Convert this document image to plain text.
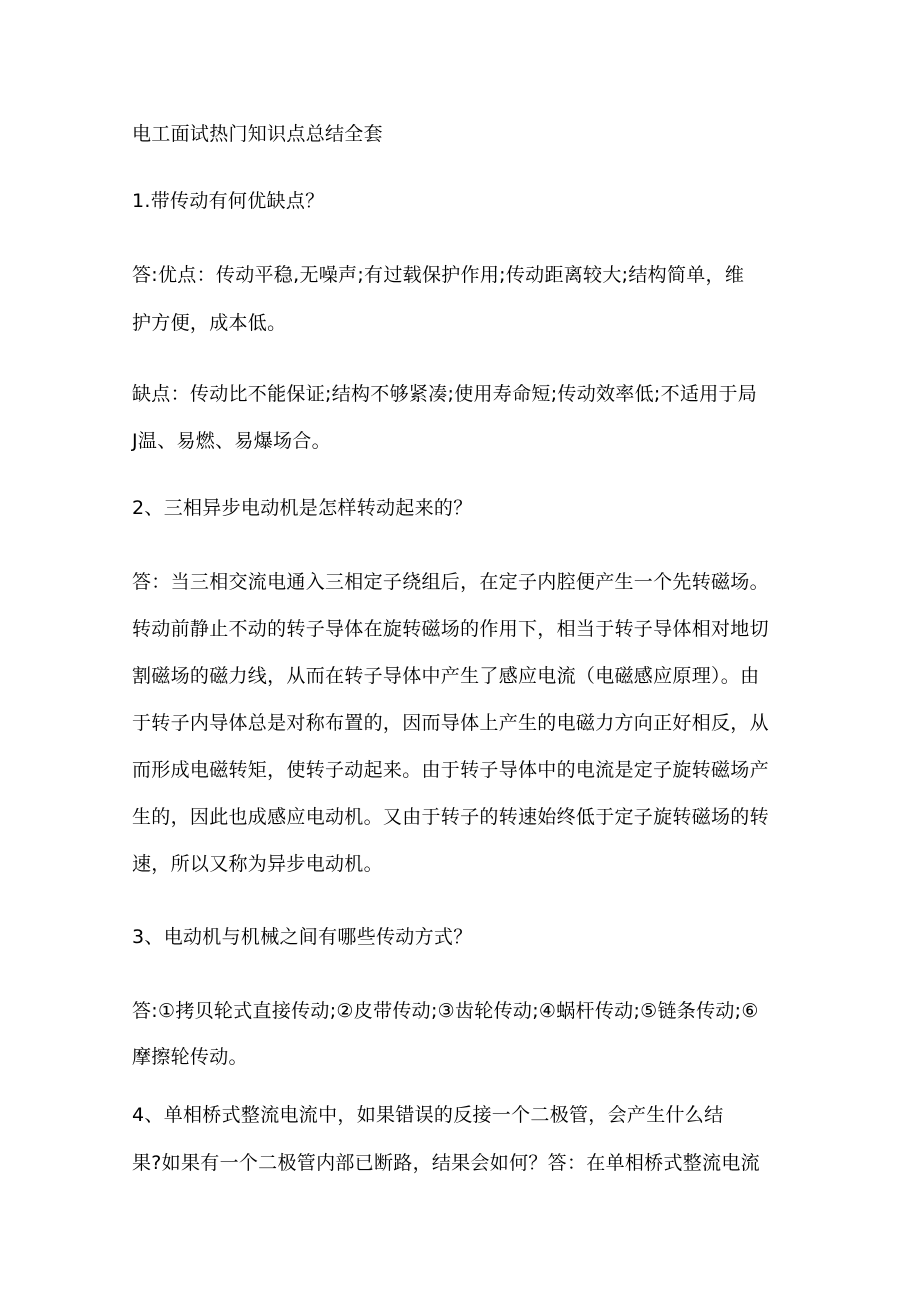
电工面试热门知识点总结全套
1.带传动有何优缺点？
答:优点：传动平稳,无噪声;有过载保护作用;传动距离较大;结构简单，维
护方便，成本低。
缺点：传动比不能保证;结构不够紧凑;使用寿命短;传动效率低;不适用于局
J温、易燃、易爆场合。
2、三相异步电动机是怎样转动起来的？
答：当三相交流电通入三相定子绕组后，在定子内腔便产生一个先转磁场。
转动前静止不动的转子导体在旋转磁场的作用下，相当于转子导体相对地切
割磁场的磁力线，从而在转子导体中产生了感应电流（电磁感应原理）。由
于转子内导体总是对称布置的，因而导体上产生的电磁力方向正好相反，从
而形成电磁转矩，使转子动起来。由于转子导体中的电流是定子旋转磁场产
生的，因此也成感应电动机。又由于转子的转速始终低于定子旋转磁场的转
速，所以又称为异步电动机。
3、电动机与机械之间有哪些传动方式？
答:①拷贝轮式直接传动;②皮带传动;③齿轮传动;④蜗杆传动;⑤链条传动;⑥
摩擦轮传动。
4、单相桥式整流电流中，如果错误的反接一个二极管，会产生什么结
果?如果有一个二极管内部已断路，结果会如何？答：在单相桥式整流电流
